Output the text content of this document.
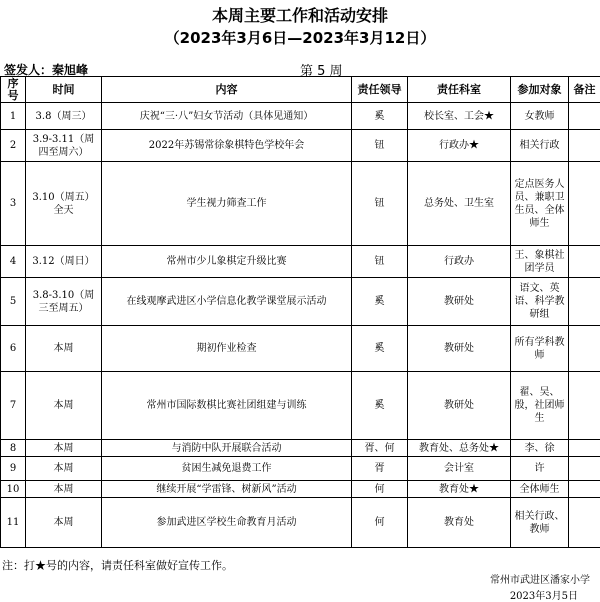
本周主要工作和活动安排
（2023年3月6日—2023年3月12日）
签发人：秦旭峰	第 5 周
序号	时间	内容	责任领导	责任科室	参加对象	备注
1	3.8（周三）	庆祝“三·八”妇女节活动（具体见通知）	奚	校长室、工会★	女教师	
2	3.9-3.11（周四至周六）	2022年苏锡常徐象棋特色学校年会	钮	行政办★	相关行政	
3	3.10（周五）全天	学生视力筛查工作	钮	总务处、卫生室	定点医务人员、兼职卫生员、全体师生	
4	3.12（周日）	常州市少儿象棋定升级比赛	钮	行政办	王、象棋社团学员	
5	3.8-3.10（周三至周五）	在线观摩武进区小学信息化教学课堂展示活动	奚	教研处	语文、英语、科学教研组	
6	本周	期初作业检查	奚	教研处	所有学科教师	
7	本周	常州市国际数棋比赛社团组建与训练	奚	教研处	翟、吴、殷，社团师生	
8	本周	与消防中队开展联合活动	胥、何	教育处、总务处★	李、徐	
9	本周	贫困生减免退费工作	胥	会计室	许	
10	本周	继续开展“学雷锋、树新风”活动	何	教育处★	全体师生	
11	本周	参加武进区学校生命教育月活动	何	教育处	相关行政、教师	
注：打★号的内容，请责任科室做好宣传工作。
常州市武进区潘家小学
2023年3月5日
